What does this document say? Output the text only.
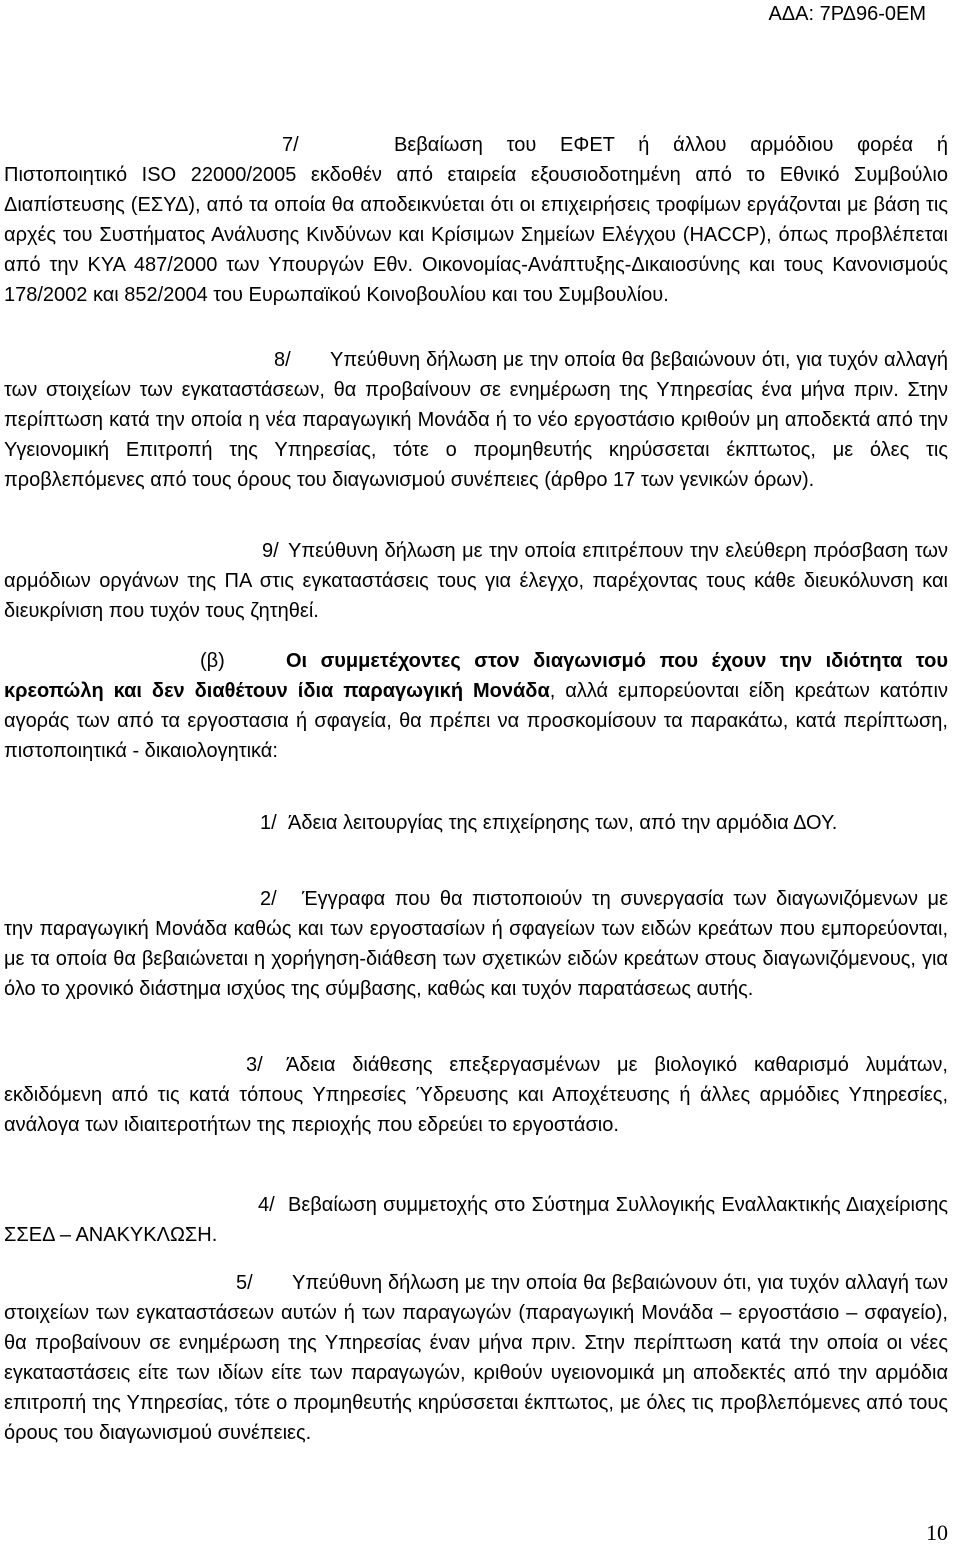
ΑΔΑ: 7ΡΔ96-0ΕΜ

7/	Βεβαίωση του ΕΦΕΤ ή άλλου αρμόδιου φορέα ή Πιστοποιητικό ISO 22000/2005 εκδοθέν από εταιρεία εξουσιοδοτημένη από το Εθνικό Συμβούλιο Διαπίστευσης (ΕΣΥΔ), από τα οποία θα αποδεικνύεται ότι οι επιχειρήσεις τροφίμων εργάζονται με βάση τις αρχές του Συστήματος Ανάλυσης Κινδύνων και Κρίσιμων Σημείων Ελέγχου (HACCP), όπως προβλέπεται από την ΚΥΑ 487/2000 των Υπουργών Εθν. Οικονομίας-Ανάπτυξης-Δικαιοσύνης και τους Κανονισμούς 178/2002 και 852/2004 του Ευρωπαϊκού Κοινοβουλίου και του Συμβουλίου.

8/ Υπεύθυνη δήλωση με την οποία θα βεβαιώνουν ότι, για τυχόν αλλαγή των στοιχείων των εγκαταστάσεων, θα προβαίνουν σε ενημέρωση της Υπηρεσίας ένα μήνα πριν. Στην περίπτωση κατά την οποία η νέα παραγωγική Μονάδα ή το νέο εργοστάσιο κριθούν μη αποδεκτά από την Υγειονομική Επιτροπή της Υπηρεσίας, τότε ο προμηθευτής κηρύσσεται έκπτωτος, με όλες τις προβλεπόμενες από τους όρους του διαγωνισμού συνέπειες (άρθρο 17 των γενικών όρων).

9/ Υπεύθυνη δήλωση με την οποία επιτρέπουν την ελεύθερη πρόσβαση των αρμόδιων οργάνων της ΠΑ στις εγκαταστάσεις τους για έλεγχο, παρέχοντας τους κάθε διευκόλυνση και διευκρίνιση που τυχόν τους ζητηθεί.

(β)	Οι συμμετέχοντες στον διαγωνισμό που έχουν την ιδιότητα του κρεοπώλη και δεν διαθέτουν ίδια παραγωγική Μονάδα, αλλά εμπορεύονται είδη κρεάτων κατόπιν αγοράς των από τα εργοστασια ή σφαγεία, θα πρέπει να προσκομίσουν τα παρακάτω, κατά περίπτωση, πιστοποιητικά - δικαιολογητικά:

1/ Άδεια λειτουργίας της επιχείρησης των, από την αρμόδια ΔΟΥ.

2/ Έγγραφα που θα πιστοποιούν τη συνεργασία των διαγωνιζόμενων με την παραγωγική Μονάδα καθώς και των εργοστασίων ή σφαγείων των ειδών κρεάτων που εμπορεύονται, με τα οποία θα βεβαιώνεται η χορήγηση-διάθεση των σχετικών ειδών κρεάτων στους διαγωνιζόμενους, για όλο το χρονικό διάστημα ισχύος της σύμβασης, καθώς και τυχόν παρατάσεως αυτής.

3/ Άδεια διάθεσης επεξεργασμένων με βιολογικό καθαρισμό λυμάτων, εκδιδόμενη από τις κατά τόπους Υπηρεσίες Ύδρευσης και Αποχέτευσης ή άλλες αρμόδιες Υπηρεσίες, ανάλογα των ιδιαιτεροτήτων της περιοχής που εδρεύει το εργοστάσιο.

4/ Βεβαίωση συμμετοχής στο Σύστημα Συλλογικής Εναλλακτικής Διαχείρισης ΣΣΕΔ – ΑΝΑΚΥΚΛΩΣΗ.

5/ Υπεύθυνη δήλωση με την οποία θα βεβαιώνουν ότι, για τυχόν αλλαγή των στοιχείων των εγκαταστάσεων αυτών ή των παραγωγών (παραγωγική Μονάδα – εργοστάσιο – σφαγείο), θα προβαίνουν σε ενημέρωση της Υπηρεσίας έναν μήνα πριν. Στην περίπτωση κατά την οποία οι νέες εγκαταστάσεις είτε των ιδίων είτε των παραγωγών, κριθούν υγειονομικά μη αποδεκτές από την αρμόδια επιτροπή της Υπηρεσίας, τότε ο προμηθευτής κηρύσσεται έκπτωτος, με όλες τις προβλεπόμενες από τους όρους του διαγωνισμού συνέπειες.

10
